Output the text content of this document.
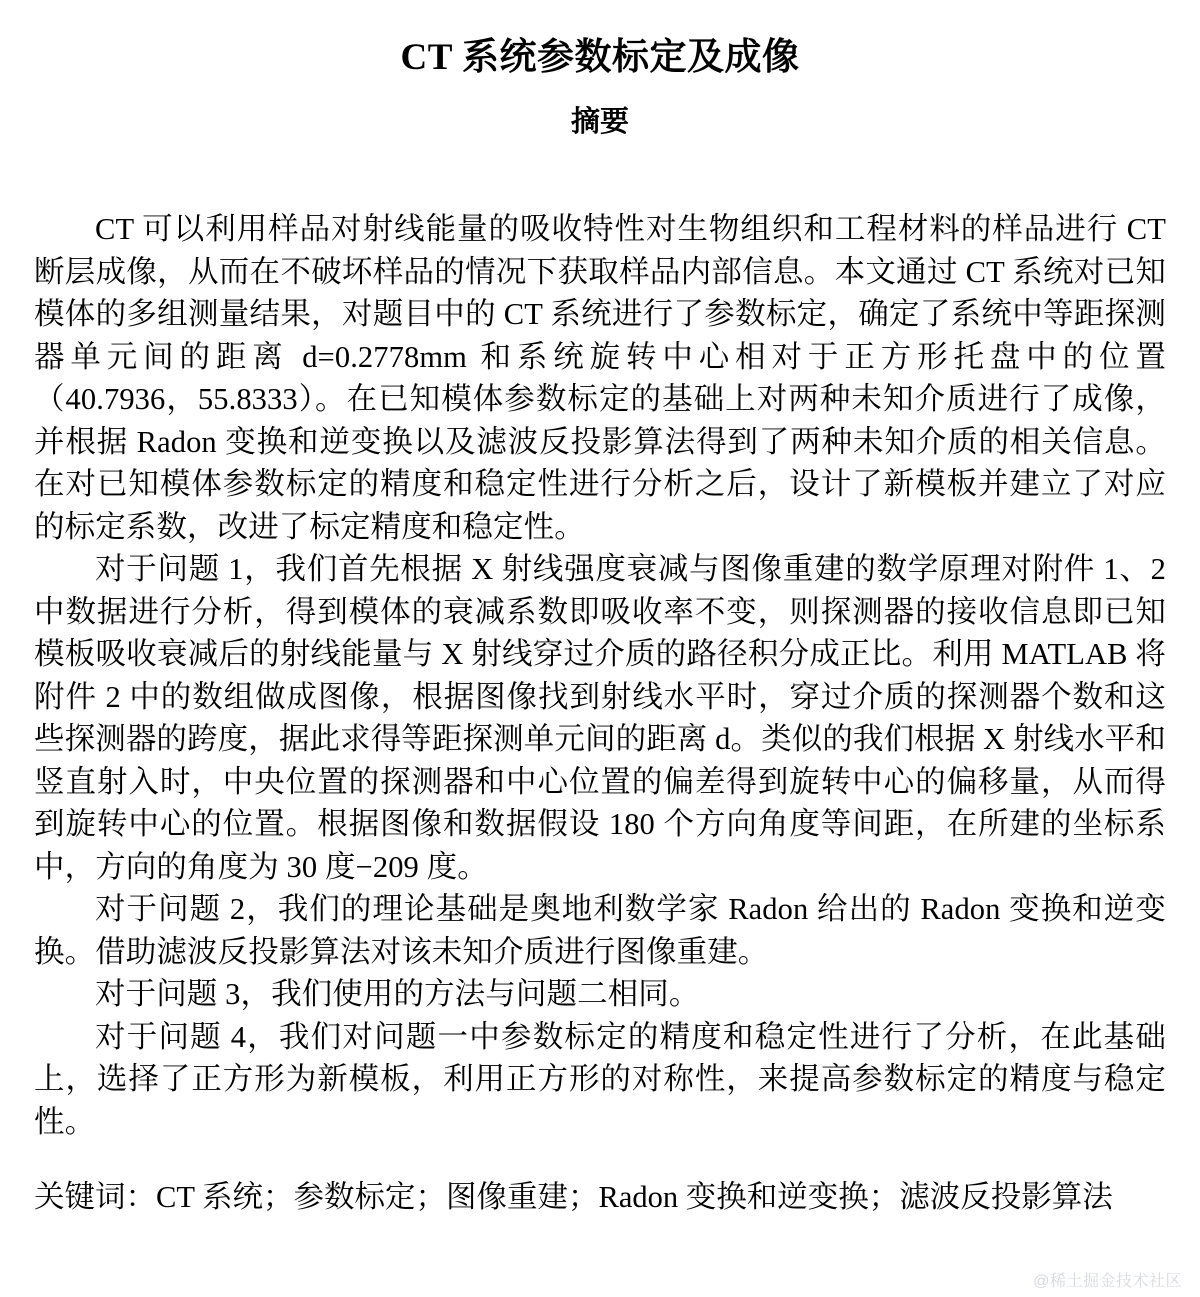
CT 系统参数标定及成像
摘要

CT 可以利用样品对射线能量的吸收特性对生物组织和工程材料的样品进行 CT 断层成像，从而在不破坏样品的情况下获取样品内部信息。本文通过 CT 系统对已知模体的多组测量结果，对题目中的 CT 系统进行了参数标定，确定了系统中等距探测器单元间的距离 d=0.2778mm 和系统旋转中心相对于正方形托盘中的位置（40.7936，55.8333）。在已知模体参数标定的基础上对两种未知介质进行了成像，并根据 Radon 变换和逆变换以及滤波反投影算法得到了两种未知介质的相关信息。在对已知模体参数标定的精度和稳定性进行分析之后，设计了新模板并建立了对应的标定系数，改进了标定精度和稳定性。

对于问题 1，我们首先根据 X 射线强度衰减与图像重建的数学原理对附件 1、2 中数据进行分析，得到模体的衰减系数即吸收率不变，则探测器的接收信息即已知模板吸收衰减后的射线能量与 X 射线穿过介质的路径积分成正比。利用 MATLAB 将附件 2 中的数组做成图像，根据图像找到射线水平时，穿过介质的探测器个数和这些探测器的跨度，据此求得等距探测单元间的距离 d。类似的我们根据 X 射线水平和竖直射入时，中央位置的探测器和中心位置的偏差得到旋转中心的偏移量，从而得到旋转中心的位置。根据图像和数据假设 180 个方向角度等间距，在所建的坐标系中，方向的角度为 30 度−209 度。

对于问题 2，我们的理论基础是奥地利数学家 Radon 给出的 Radon 变换和逆变换。借助滤波反投影算法对该未知介质进行图像重建。

对于问题 3，我们使用的方法与问题二相同。

对于问题 4，我们对问题一中参数标定的精度和稳定性进行了分析，在此基础上，选择了正方形为新模板，利用正方形的对称性，来提高参数标定的精度与稳定性。

关键词：CT 系统；参数标定；图像重建；Radon 变换和逆变换；滤波反投影算法

@稀土掘金技术社区
